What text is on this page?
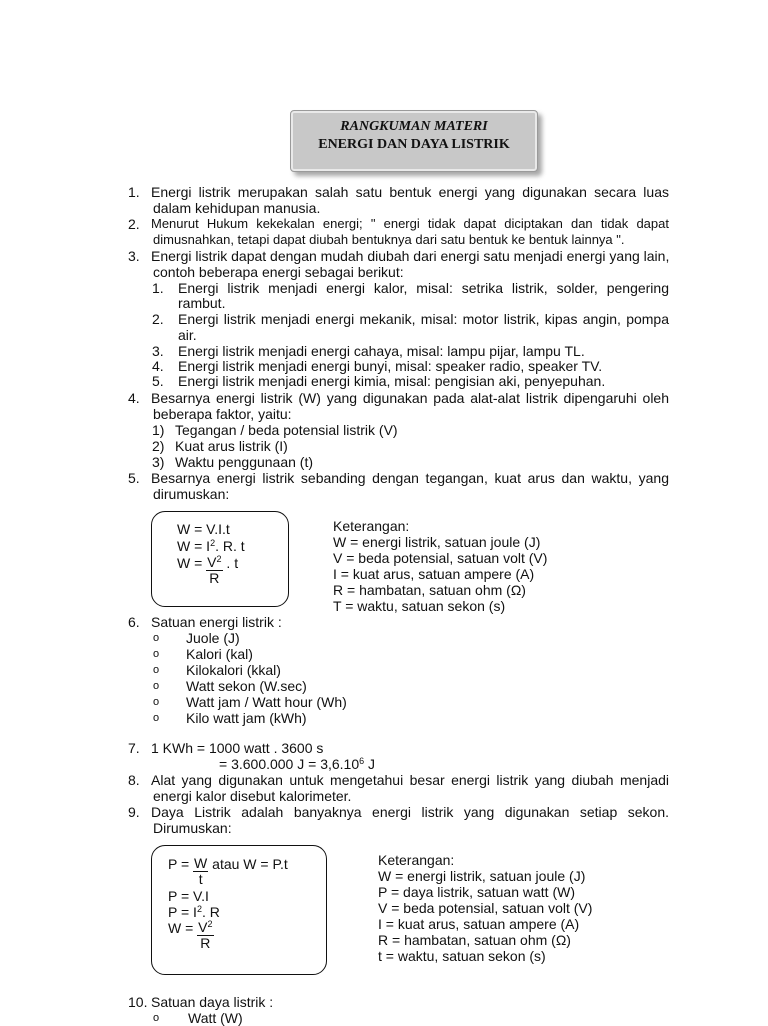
RANGKUMAN MATERI
ENERGI DAN DAYA LISTRIK
1. Energi listrik merupakan salah satu bentuk energi yang digunakan secara luas
dalam kehidupan manusia.
2. Menurut Hukum kekekalan energi; " energi tidak dapat diciptakan dan tidak dapat
dimusnahkan, tetapi dapat diubah bentuknya dari satu bentuk ke bentuk lainnya ".
3. Energi listrik dapat dengan mudah diubah dari energi satu menjadi energi yang lain,
contoh beberapa energi sebagai berikut:
1. Energi listrik menjadi energi kalor, misal: setrika listrik, solder, pengering
rambut.
2. Energi listrik menjadi energi mekanik, misal: motor listrik, kipas angin, pompa
air.
3. Energi listrik menjadi energi cahaya, misal: lampu pijar, lampu TL.
4. Energi listrik menjadi energi bunyi, misal: speaker radio, speaker TV.
5. Energi listrik menjadi energi kimia, misal: pengisian aki, penyepuhan.
4. Besarnya energi listrik (W) yang digunakan pada alat-alat listrik dipengaruhi oleh
beberapa faktor, yaitu:
1) Tegangan / beda potensial listrik (V)
2) Kuat arus listrik (I)
3) Waktu penggunaan (t)
5. Besarnya energi listrik sebanding dengan tegangan, kuat arus dan waktu, yang
dirumuskan:
W = V.I.t
$W = I^2$. R. t
$W = \frac{V^2}{R}$ . t
Keterangan:
W = energi listrik, satuan joule (J)
V = beda potensial, satuan volt (V)
I = kuat arus, satuan ampere (A)
R = hambatan, satuan ohm (Ω)
T = waktu, satuan sekon (s)
6. Satuan energi listrik :
o Juole (J)
o Kalori (kal)
o Kilokalori (kkal)
o Watt sekon (W.sec)
o Watt jam / Watt hour (Wh)
o Kilo watt jam (kWh)
7. 1 KWh = 1000 watt . 3600 s
= 3.600.000 $J = 3,6.10^6$ J
8. Alat yang digunakan untuk mengetahui besar energi listrik yang diubah menjadi
energi kalor disebut kalorimeter.
9. Daya Listrik adalah banyaknya energi listrik yang digunakan setiap sekon.
Dirumuskan:
$P = \frac{W}{t}$ atau W = P.t
P = V.I
$P = I^2$. R
$W = \frac{V^2}{R}$
Keterangan:
W = energi listrik, satuan joule (J)
P = daya listrik, satuan watt (W)
V = beda potensial, satuan volt (V)
I = kuat arus, satuan ampere (A)
R = hambatan, satuan ohm (Ω)
t = waktu, satuan sekon (s)
10. Satuan daya listrik :
o Watt (W)
